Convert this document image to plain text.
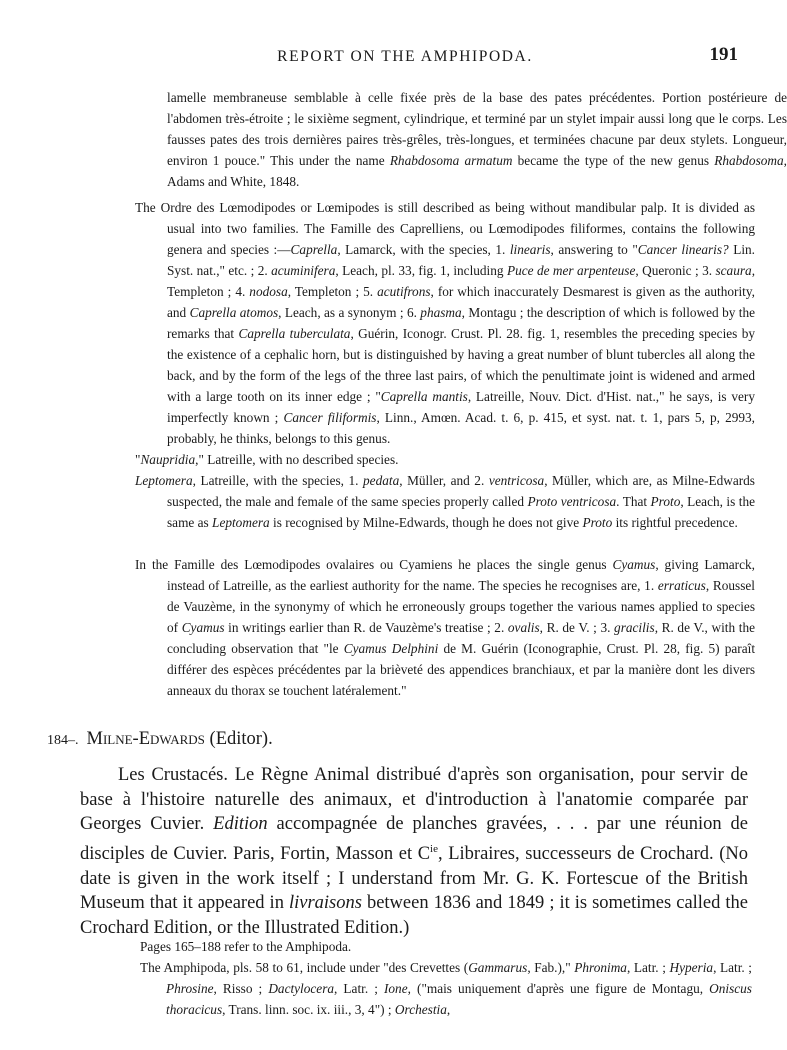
REPORT ON THE AMPHIPODA.	191

lamelle membraneuse semblable à celle fixée près de la base des pates précédentes. Portion postérieure de l'abdomen très-étroite ; le sixième segment, cylindrique, et terminé par un stylet impair aussi long que le corps. Les fausses pates des trois dernières paires très-grêles, très-longues, et terminées chacune par deux stylets. Longueur, environ 1 pouce." This under the name Rhabdosoma armatum became the type of the new genus Rhabdosoma, Adams and White, 1848.

The Ordre des Lœmodipodes or Lœmipodes is still described as being without mandibular palp. It is divided as usual into two families. The Famille des Caprelliens, ou Lœmodipodes filiformes, contains the following genera and species :—Caprella, Lamarck, with the species, 1. linearis, answering to "Cancer linearis? Lin. Syst. nat.," etc. ; 2. acuminifera, Leach, pl. 33, fig. 1, including Puce de mer arpenteuse, Queronic ; 3. scaura, Templeton ; 4. nodosa, Templeton ; 5. acutifrons, for which inaccurately Desmarest is given as the authority, and Caprella atomos, Leach, as a synonym ; 6. phasma, Montagu ; the description of which is followed by the remarks that Caprella tuberculata, Guérin, Iconogr. Crust. Pl. 28. fig. 1, resembles the preceding species by the existence of a cephalic horn, but is distinguished by having a great number of blunt tubercles all along the back, and by the form of the legs of the three last pairs, of which the penultimate joint is widened and armed with a large tooth on its inner edge ; "Caprella mantis, Latreille, Nouv. Dict. d'Hist. nat.," he says, is very imperfectly known ; Cancer filiformis, Linn., Amœn. Acad. t. 6, p. 415, et syst. nat. t. 1, pars 5, p, 2993, probably, he thinks, belongs to this genus.

"Naupridia," Latreille, with no described species.

Leptomera, Latreille, with the species, 1. pedata, Müller, and 2. ventricosa, Müller, which are, as Milne-Edwards suspected, the male and female of the same species properly called Proto ventricosa. That Proto, Leach, is the same as Leptomera is recognised by Milne-Edwards, though he does not give Proto its rightful precedence.

In the Famille des Lœmodipodes ovalaires ou Cyamiens he places the single genus Cyamus, giving Lamarck, instead of Latreille, as the earliest authority for the name. The species he recognises are, 1. erraticus, Roussel de Vauzème, in the synonymy of which he erroneously groups together the various names applied to species of Cyamus in writings earlier than R. de Vauzème's treatise ; 2. ovalis, R. de V. ; 3. gracilis, R. de V., with the concluding observation that "le Cyamus Delphini de M. Guérin (Iconographie, Crust. Pl. 28, fig. 5) paraît différer des espèces précédentes par la brièveté des appendices branchiaux, et par la manière dont les divers anneaux du thorax se touchent latéralement."

184–. Milne-Edwards (Editor).

Les Crustacés. Le Règne Animal distribué d'après son organisation, pour servir de base à l'histoire naturelle des animaux, et d'introduction à l'anatomie comparée par Georges Cuvier. Edition accompagnée de planches gravées, . . . par une réunion de disciples de Cuvier. Paris, Fortin, Masson et $C^{ie}$, Libraires, successeurs de Crochard. (No date is given in the work itself ; I understand from Mr. G. K. Fortescue of the British Museum that it appeared in livraisons between 1836 and 1849 ; it is sometimes called the Crochard Edition, or the Illustrated Edition.)

Pages 165–188 refer to the Amphipoda.

The Amphipoda, pls. 58 to 61, include under "des Crevettes (Gammarus, Fab.)," Phronima, Latr. ; Hyperia, Latr. ; Phrosine, Risso ; Dactylocera, Latr. ; Ione, ("mais uniquement d'après une figure de Montagu, Oniscus thoracicus, Trans. linn. soc. ix. iii., 3, 4") ; Orchestia,
